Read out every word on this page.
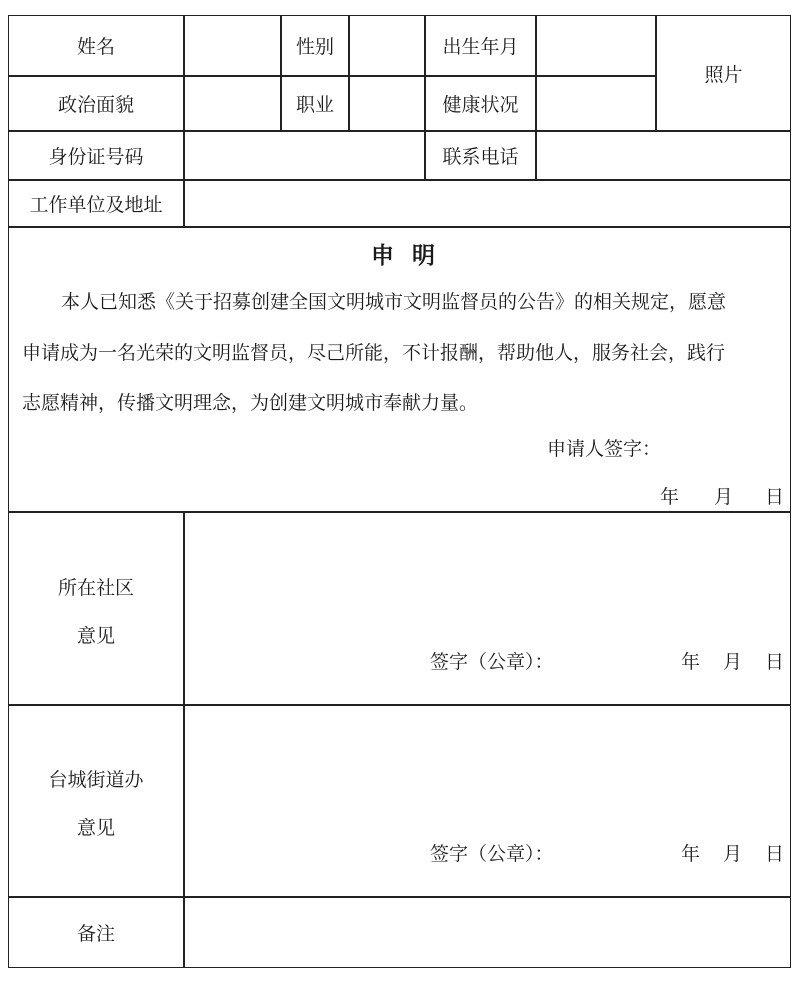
姓名	性别	出生年月
照片
政治面貌	职业	健康状况
身份证号码	联系电话
工作单位及地址
申明
本人已知悉《关于招募创建全国文明城市文明监督员的公告》的相关规定，愿意
申请成为一名光荣的文明监督员，尽己所能，不计报酬，帮助他人，服务社会，践行
志愿精神，传播文明理念，为创建文明城市奉献力量。
申请人签字：
年 月 日
所在社区
意见
签字（公章）：	年 月 日
台城街道办
意见
签字（公章）：	年 月 日
备注
